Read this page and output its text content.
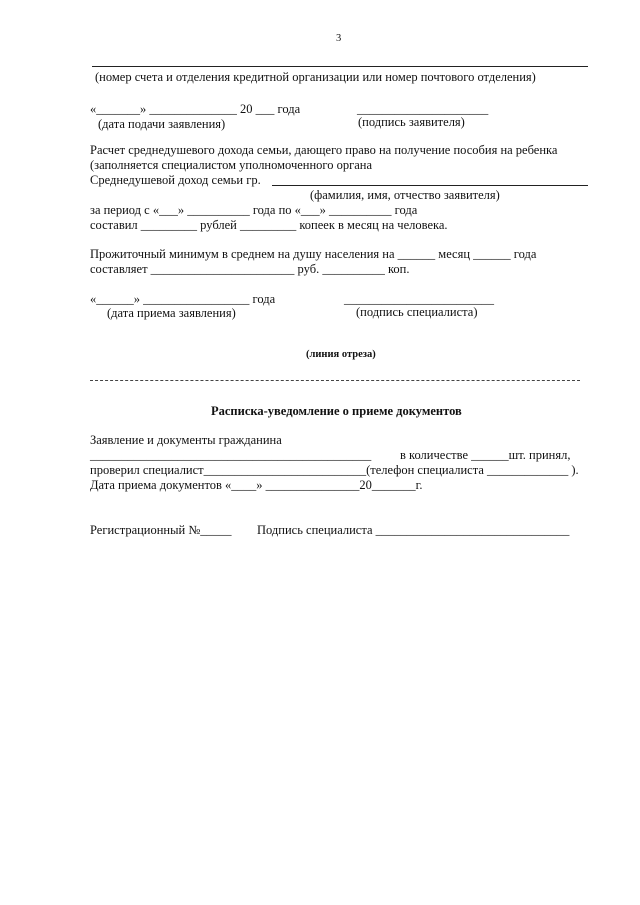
3
(номер счета и отделения кредитной организации или номер почтового отделения)
«_______» ______________ 20 ___ года	_____________________
(дата подачи заявления)	(подпись заявителя)
Расчет среднедушевого дохода семьи, дающего право на получение пособия на ребенка
(заполняется специалистом уполномоченного органа
Среднедушевой доход семьи гр.
(фамилия, имя, отчество заявителя)
за период с «___» __________ года по «___» __________ года
составил _________ рублей _________ копеек в месяц на человека.
Прожиточный минимум в среднем на душу населения на ______ месяц ______ года
составляет _______________________ руб. __________ коп.
«______» _________________ года	________________________
(дата приема заявления)	(подпись специалиста)
(линия отреза)
Расписка-уведомление о приеме документов
Заявление и документы гражданина
_____________________________________________ в количестве ______шт. принял,
проверил специалист__________________________(телефон специалиста _____________ ).
Дата приема документов «____» _______________20_______г.
Регистрационный №_____ Подпись специалиста _______________________________
